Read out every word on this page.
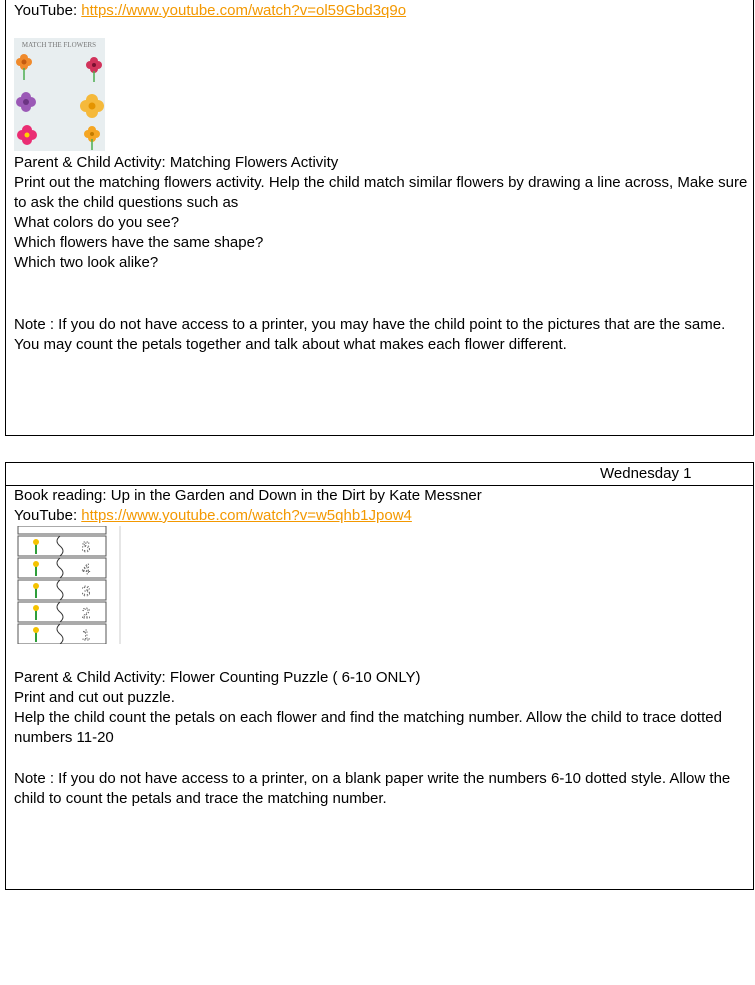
YouTube: https://www.youtube.com/watch?v=ol59Gbd3q9o
MATCH THE FLOWERS
Parent & Child Activity: Matching Flowers Activity
Print out the matching flowers activity. Help the child match similar flowers by drawing a line across, Make sure to ask the child questions such as
What colors do you see?
Which flowers have the same shape?
Which two look alike?
Note : If you do not have access to a printer, you may have the child point to the pictures that are the same. You may count the petals together and talk about what makes each flower different.
Wednesday 1
Book reading: Up in the Garden and Down in the Dirt by Kate Messner
YouTube: https://www.youtube.com/watch?v=w5qhb1Jpow4
5
4
3
2
1
Parent & Child Activity: Flower Counting Puzzle ( 6-10 ONLY)
Print and cut out puzzle.
Help the child count the petals on each flower and find the matching number. Allow the child to trace dotted numbers 11-20
Note : If you do not have access to a printer, on a blank paper write the numbers 6-10 dotted style. Allow the child to count the petals and trace the matching number.
